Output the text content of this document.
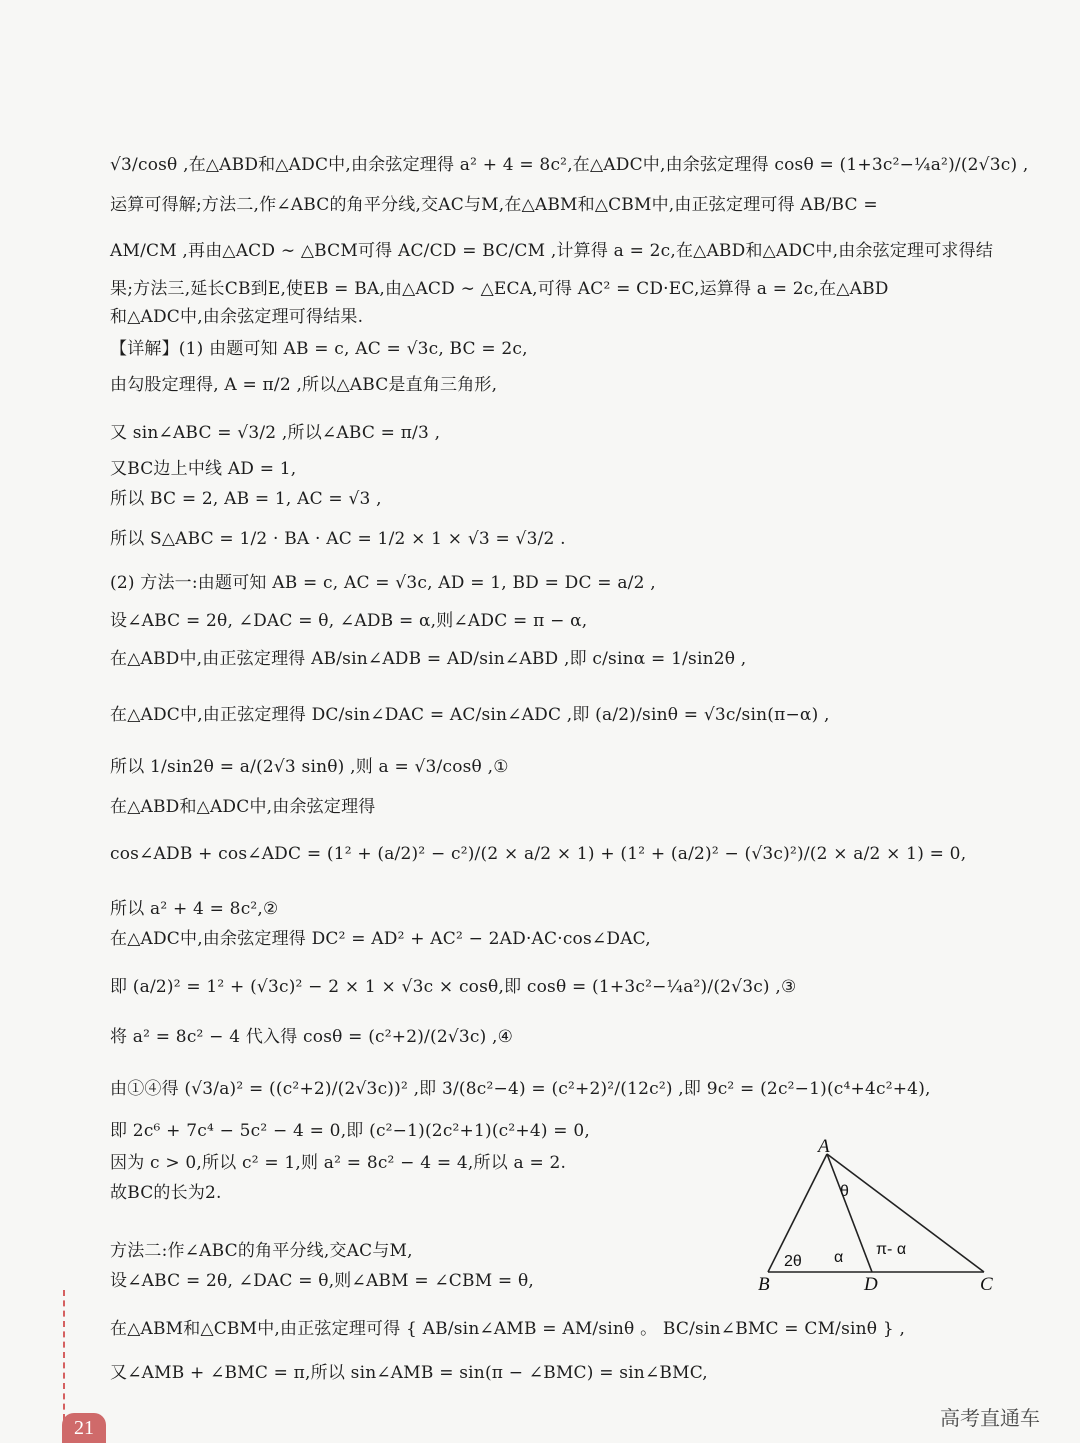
√3/cosθ ,在△ABD和△ADC中,由余弦定理得 a² + 4 = 8c²,在△ADC中,由余弦定理得 cosθ = (1+3c²−¼a²)/(2√3c) ,
运算可得解;方法二,作∠ABC的角平分线,交AC与M,在△ABM和△CBM中,由正弦定理可得 AB/BC =
AM/CM ,再由△ACD ∼ △BCM可得 AC/CD = BC/CM ,计算得 a = 2c,在△ABD和△ADC中,由余弦定理可求得结
果;方法三,延长CB到E,使EB = BA,由△ACD ∼ △ECA,可得 AC² = CD·EC,运算得 a = 2c,在△ABD
和△ADC中,由余弦定理可得结果.
【详解】(1) 由题可知 AB = c, AC = √3c, BC = 2c,
由勾股定理得, A = π/2 ,所以△ABC是直角三角形,
又 sin∠ABC = √3/2 ,所以∠ABC = π/3 ,
又BC边上中线 AD = 1,
所以 BC = 2, AB = 1, AC = √3 ,
所以 S△ABC = 1/2 · BA · AC = 1/2 × 1 × √3 = √3/2 .
(2) 方法一:由题可知 AB = c, AC = √3c, AD = 1, BD = DC = a/2 ,
设∠ABC = 2θ, ∠DAC = θ, ∠ADB = α,则∠ADC = π − α,
在△ABD中,由正弦定理得 AB/sin∠ADB = AD/sin∠ABD ,即 c/sinα = 1/sin2θ ,
在△ADC中,由正弦定理得 DC/sin∠DAC = AC/sin∠ADC ,即 (a/2)/sinθ = √3c/sin(π−α) ,
所以 1/sin2θ = a/(2√3 sinθ) ,则 a = √3/cosθ ,①
在△ABD和△ADC中,由余弦定理得
cos∠ADB + cos∠ADC = (1² + (a/2)² − c²)/(2 × a/2 × 1) + (1² + (a/2)² − (√3c)²)/(2 × a/2 × 1) = 0,
所以 a² + 4 = 8c²,②
在△ADC中,由余弦定理得 DC² = AD² + AC² − 2AD·AC·cos∠DAC,
即 (a/2)² = 1² + (√3c)² − 2 × 1 × √3c × cosθ,即 cosθ = (1+3c²−¼a²)/(2√3c) ,③
将 a² = 8c² − 4 代入得 cosθ = (c²+2)/(2√3c) ,④
由①④得 (√3/a)² = ((c²+2)/(2√3c))² ,即 3/(8c²−4) = (c²+2)²/(12c²) ,即 9c² = (2c²−1)(c⁴+4c²+4),
即 2c⁶ + 7c⁴ − 5c² − 4 = 0,即 (c²−1)(2c²+1)(c²+4) = 0,
因为 c > 0,所以 c² = 1,则 a² = 8c² − 4 = 4,所以 a = 2.
故BC的长为2.
方法二:作∠ABC的角平分线,交AC与M,
设∠ABC = 2θ, ∠DAC = θ,则∠ABM = ∠CBM = θ,
在△ABM和△CBM中,由正弦定理可得 { AB/sin∠AMB = AM/sinθ 。 BC/sin∠BMC = CM/sinθ } ,
又∠AMB + ∠BMC = π,所以 sin∠AMB = sin(π − ∠BMC) = sin∠BMC,
A
B	D	C
2θ
θ
α π- α
21	高考直通车
